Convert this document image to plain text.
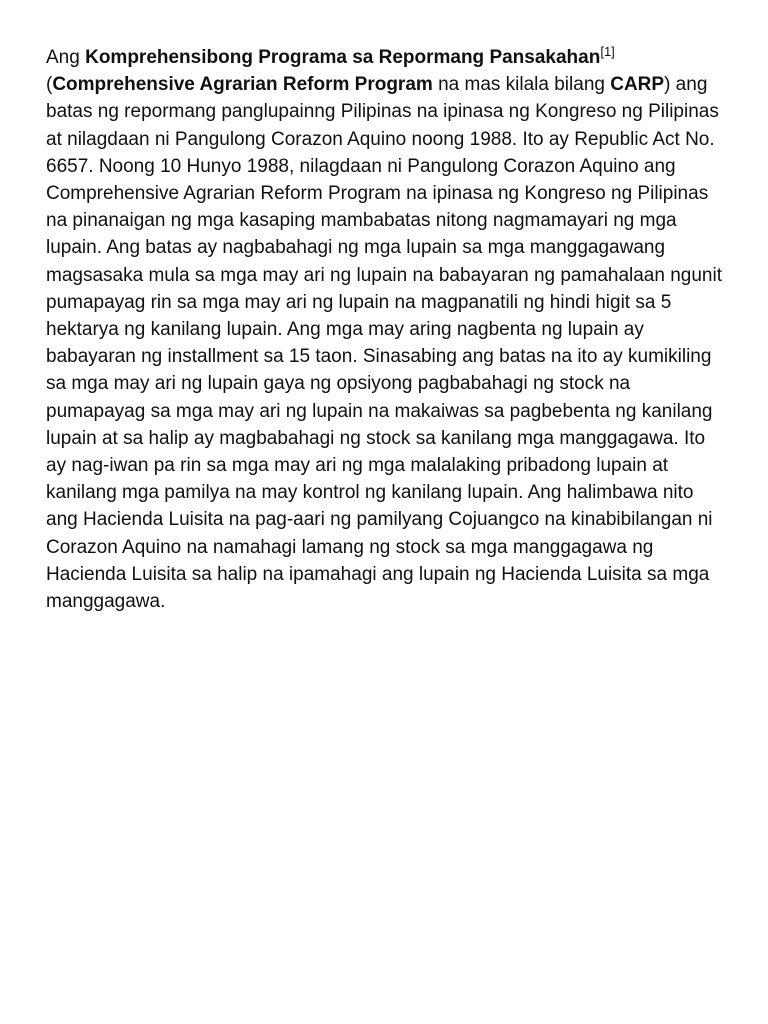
Ang Komprehensibong Programa sa Repormang Pansakahan[1] (Comprehensive Agrarian Reform Program na mas kilala bilang CARP) ang batas ng repormang panglupainng Pilipinas na ipinasa ng Kongreso ng Pilipinas at nilagdaan ni Pangulong Corazon Aquino noong 1988. Ito ay Republic Act No. 6657. Noong 10 Hunyo 1988, nilagdaan ni Pangulong Corazon Aquino ang Comprehensive Agrarian Reform Program na ipinasa ng Kongreso ng Pilipinas na pinanaigan ng mga kasaping mambabatas nitong nagmamayari ng mga lupain. Ang batas ay nagbabahagi ng mga lupain sa mga manggagawang magsasaka mula sa mga may ari ng lupain na babayaran ng pamahalaan ngunit pumapayag rin sa mga may ari ng lupain na magpanatili ng hindi higit sa 5 hektarya ng kanilang lupain. Ang mga may aring nagbenta ng lupain ay babayaran ng installment sa 15 taon. Sinasabing ang batas na ito ay kumikiling sa mga may ari ng lupain gaya ng opsiyong pagbabahagi ng stock na pumapayag sa mga may ari ng lupain na makaiwas sa pagbebenta ng kanilang lupain at sa halip ay magbabahagi ng stock sa kanilang mga manggagawa. Ito ay nag-iwan pa rin sa mga may ari ng mga malalaking pribadong lupain at kanilang mga pamilya na may kontrol ng kanilang lupain. Ang halimbawa nito ang Hacienda Luisita na pag-aari ng pamilyang Cojuangco na kinabibilangan ni Corazon Aquino na namahagi lamang ng stock sa mga manggagawa ng Hacienda Luisita sa halip na ipamahagi ang lupain ng Hacienda Luisita sa mga manggagawa.
